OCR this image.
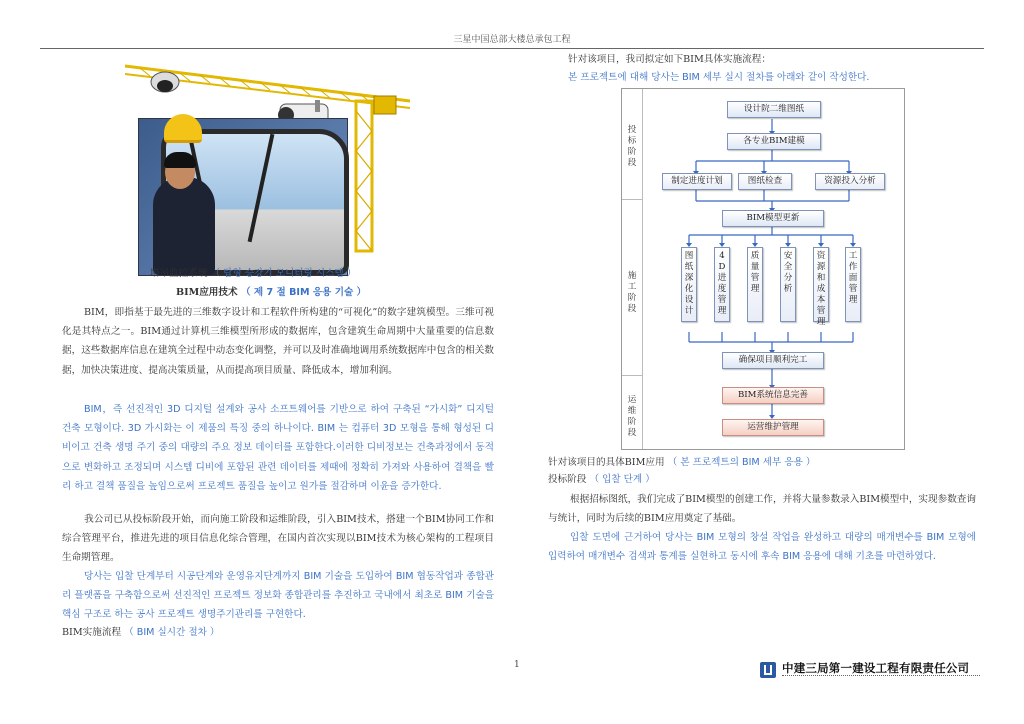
三星中国总部大楼总承包工程
塔吊监控系统 （ 탑형 승강기 모니터링 시스템 ）
BIM应用技术 （ 제 7 절 BIM 응용 기술 ）

BIM，即指基于最先进的三维数字设计和工程软件所构建的“可视化”的数字建筑模型。三维可视化是其特点之一。BIM通过计算机三维模型所形成的数据库，包含建筑生命周期中大量重要的信息数据，这些数据库信息在建筑全过程中动态变化调整，并可以及时准确地调用系统数据库中包含的相关数据，加快决策进度、提高决策质量，从而提高项目质量、降低成本，增加利润。

BIM，즉 선진적인 3D 디지털 설계와 공사 소프트웨어를 기반으로 하여 구축된 “가시화” 디지털 건축 모형이다. 3D 가시화는 이 제품의 특징 중의 하나이다. BIM 는 컴퓨터 3D 모형을 통해 형성된 디비이고 건축 생명 주기 중의 대량의 주요 정보 데이터를 포함한다.이러한 디비정보는 건축과정에서 동적으로 변화하고 조정되며 시스템 디비에 포함된 관련 데이터를 제때에 정확히 가져와 사용하여 결책을 빨리 하고 결책 품질을 높임으로써 프로젝트 품질을 높이고 원가를 절감하며 이윤을 증가한다.

我公司已从投标阶段开始，而向施工阶段和运维阶段，引入BIM技术，搭建一个BIM协同工作和综合管理平台，推进先进的项目信息化综合管理，在国内首次实现以BIM技术为核心架构的工程项目生命期管理。

당사는 입찰 단계부터 시공단계와 운영유지단계까지 BIM 기술을 도입하여 BIM 협동작업과 종합관리 플랫폼을 구축함으로써 선진적인 프로젝트 정보화 종합관리를 추진하고 국내에서 최초로 BIM 기술을 핵심 구조로 하는 공사 프로젝트 생명주기관리를 구현한다.

BIM实施流程 （ BIM 실시간 절차 ）
针对该项目，我司拟定如下BIM具体实施流程：
본 프로젝트에 대해 당사는 BIM 세부 실시 절차를 아래와 같이 작성한다.
投标阶段
施工阶段
运维阶段
设计院二维图纸
各专业BIM建模
制定进度计划	图纸检查	资源投入分析
BIM模型更新
图纸深化设计
4D进度管理
质量管理
安全分析
资源和成本管理
工作面管理
确保项目顺利完工
BIM系统信息完善
运营维护管理
针对该项目的具体BIM应用 （ 본 프로젝트의 BIM 세부 응용 ）
投标阶段 （ 입찰 단계 ）

根据招标图纸，我们完成了BIM模型的创建工作，并将大量参数录入BIM模型中，实现参数查询与统计，同时为后续的BIM应用奠定了基础。

입찰 도면에 근거하여 당사는 BIM 모형의 창설 작업을 완성하고 대량의 매개변수를 BIM 모형에 입력하여 매개변수 검색과 통계를 실현하고 동시에 후속 BIM 응용에 대해 기초를 마련하였다.

1	中建三局第一建设工程有限责任公司
